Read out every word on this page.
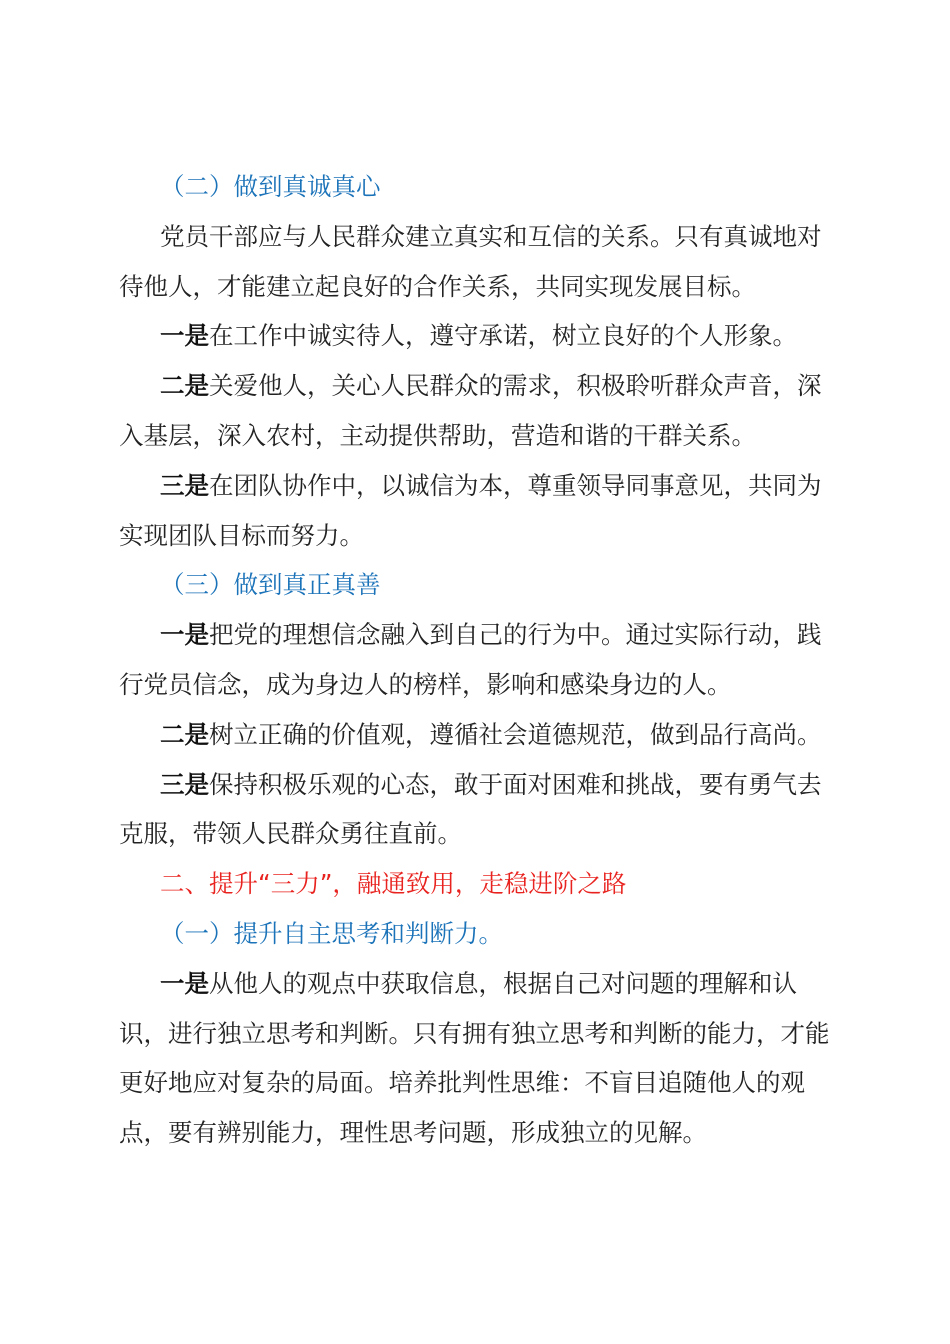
（二）做到真诚真心

党员干部应与人民群众建立真实和互信的关系。只有真诚地对待他人，才能建立起良好的合作关系，共同实现发展目标。

一是在工作中诚实待人，遵守承诺，树立良好的个人形象。

二是关爱他人，关心人民群众的需求，积极聆听群众声音，深入基层，深入农村，主动提供帮助，营造和谐的干群关系。

三是在团队协作中，以诚信为本，尊重领导同事意见，共同为实现团队目标而努力。

（三）做到真正真善

一是把党的理想信念融入到自己的行为中。通过实际行动，践行党员信念，成为身边人的榜样，影响和感染身边的人。

二是树立正确的价值观，遵循社会道德规范，做到品行高尚。

三是保持积极乐观的心态，敢于面对困难和挑战，要有勇气去克服，带领人民群众勇往直前。

二、提升“三力”，融通致用，走稳进阶之路

（一）提升自主思考和判断力。

一是从他人的观点中获取信息，根据自己对问题的理解和认识，进行独立思考和判断。只有拥有独立思考和判断的能力，才能更好地应对复杂的局面。培养批判性思维：不盲目追随他人的观点，要有辨别能力，理性思考问题，形成独立的见解。
